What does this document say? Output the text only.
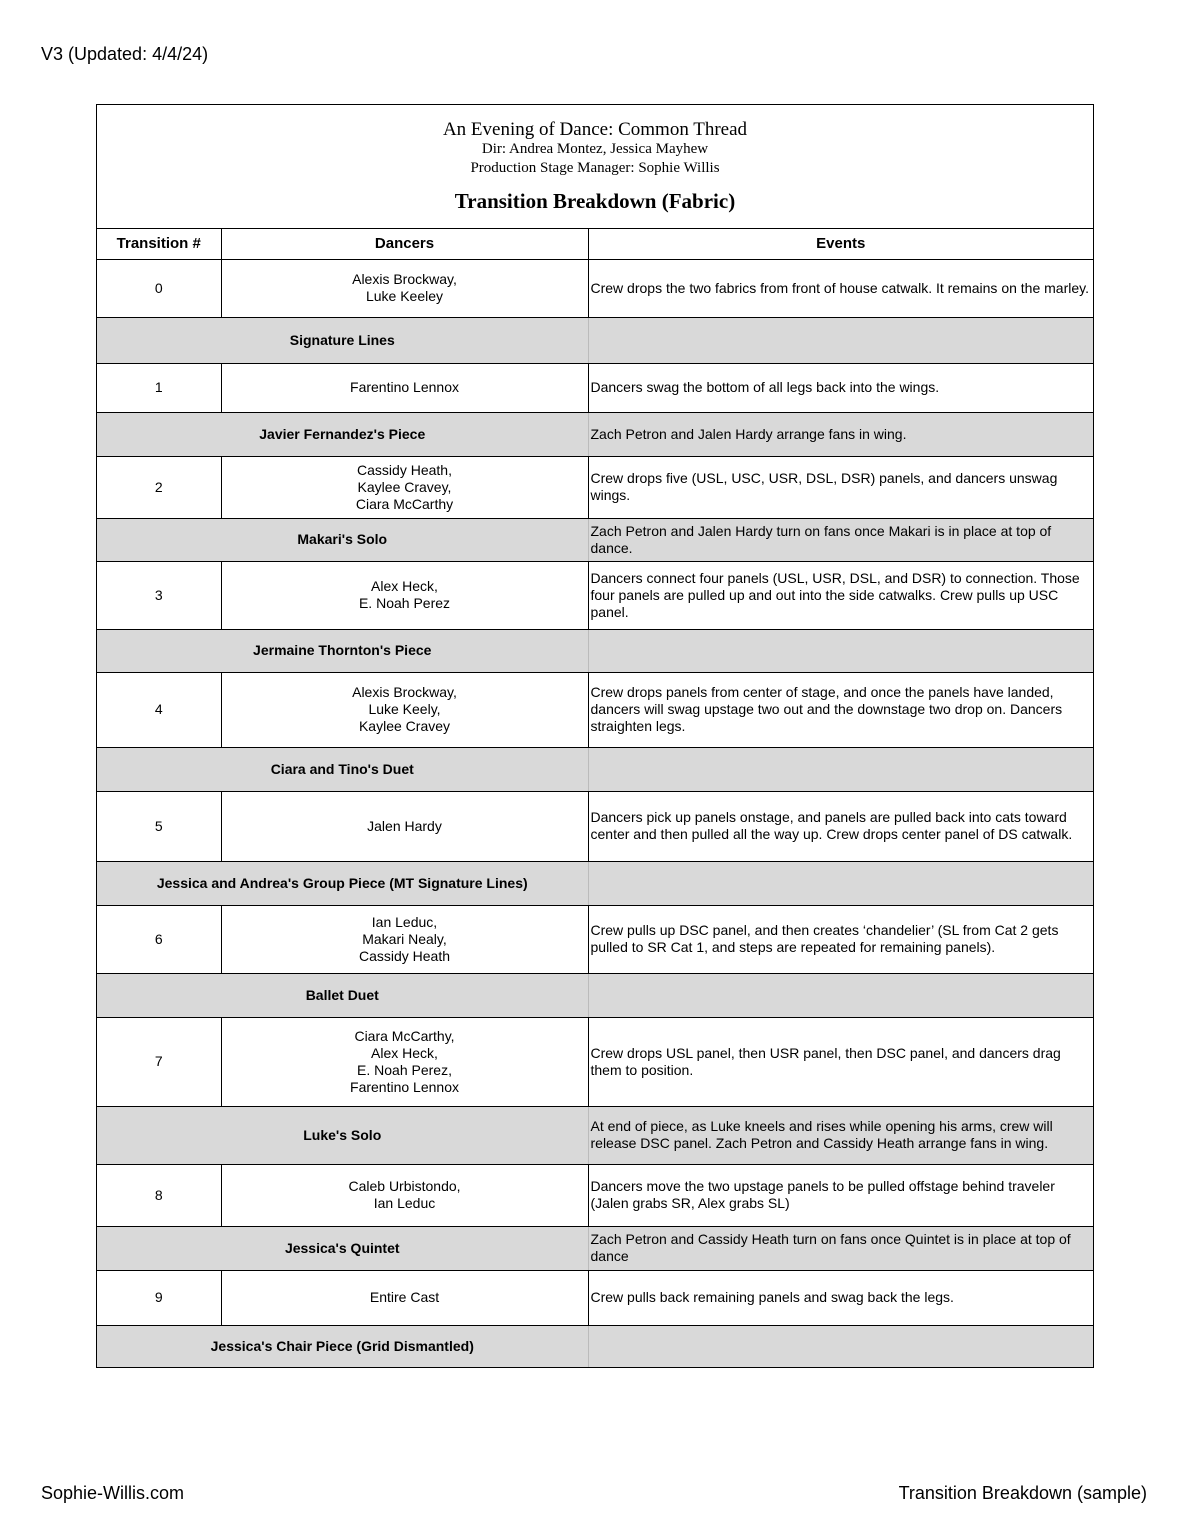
V3 (Updated: 4/4/24)
An Evening of Dance: Common Thread
Dir: Andrea Montez, Jessica Mayhew
Production Stage Manager: Sophie Willis
Transition Breakdown (Fabric)
Transition #	Dancers	Events
0	Alexis Brockway,
Luke Keeley	Crew drops the two fabrics from front of house catwalk. It remains on the marley.
Signature Lines		
1	Farentino Lennox	Dancers swag the bottom of all legs back into the wings.
Javier Fernandez's Piece		Zach Petron and Jalen Hardy arrange fans in wing.
2	Cassidy Heath,
Kaylee Cravey,
Ciara McCarthy	Crew drops five (USL, USC, USR, DSL, DSR) panels, and dancers unswag wings.
Makari's Solo		Zach Petron and Jalen Hardy turn on fans once Makari is in place at top of dance.
3	Alex Heck,
E. Noah Perez	Dancers connect four panels (USL, USR, DSL, and DSR) to connection. Those four panels are pulled up and out into the side catwalks. Crew pulls up USC panel.
Jermaine Thornton's Piece		
4	Alexis Brockway,
Luke Keely,
Kaylee Cravey	Crew drops panels from center of stage, and once the panels have landed, dancers will swag upstage two out and the downstage two drop on. Dancers straighten legs.
Ciara and Tino's Duet		
5	Jalen Hardy	Dancers pick up panels onstage, and panels are pulled back into cats toward center and then pulled all the way up. Crew drops center panel of DS catwalk.
Jessica and Andrea's Group Piece (MT Signature Lines)		
6	Ian Leduc,
Makari Nealy,
Cassidy Heath	Crew pulls up DSC panel, and then creates ‘chandelier’ (SL from Cat 2 gets pulled to SR Cat 1, and steps are repeated for remaining panels).
Ballet Duet		
7	Ciara McCarthy,
Alex Heck,
E. Noah Perez,
Farentino Lennox	Crew drops USL panel, then USR panel, then DSC panel, and dancers drag them to position.
Luke's Solo		At end of piece, as Luke kneels and rises while opening his arms, crew will release DSC panel. Zach Petron and Cassidy Heath arrange fans in wing.
8	Caleb Urbistondo,
Ian Leduc	Dancers move the two upstage panels to be pulled offstage behind traveler (Jalen grabs SR, Alex grabs SL)
Jessica's Quintet		Zach Petron and Cassidy Heath turn on fans once Quintet is in place at top of dance
9	Entire Cast	Crew pulls back remaining panels and swag back the legs.
Jessica's Chair Piece (Grid Dismantled)		
Sophie-Willis.com	Transition Breakdown (sample)
